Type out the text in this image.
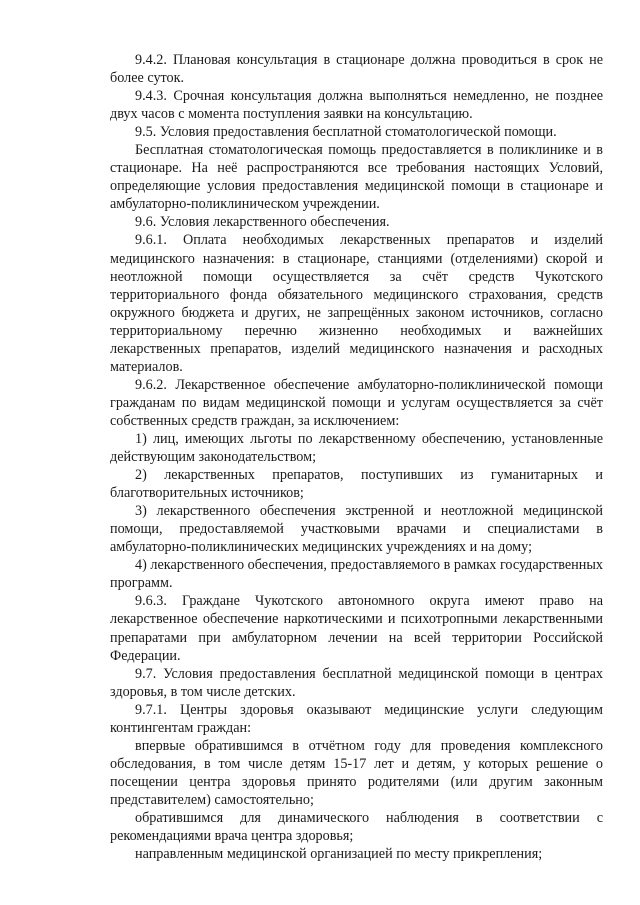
9.4.2. Плановая консультация в стационаре должна проводиться в срок не более суток.

9.4.3. Срочная консультация должна выполняться немедленно, не позднее двух часов с момента поступления заявки на консультацию.

9.5. Условия предоставления бесплатной стоматологической помощи.

Бесплатная стоматологическая помощь предоставляется в поликлинике и в стационаре. На неё распространяются все требования настоящих Условий, определяющие условия предоставления медицинской помощи в стационаре и амбулаторно-поликлиническом учреждении.

9.6. Условия лекарственного обеспечения.

9.6.1. Оплата необходимых лекарственных препаратов и изделий медицинского назначения: в стационаре, станциями (отделениями) скорой и неотложной помощи осуществляется за счёт средств Чукотского территориального фонда обязательного медицинского страхования, средств окружного бюджета и других, не запрещённых законом источников, согласно территориальному перечню жизненно необходимых и важнейших лекарственных препаратов, изделий медицинского назначения и расходных материалов.

9.6.2. Лекарственное обеспечение амбулаторно-поликлинической помощи гражданам по видам медицинской помощи и услугам осуществляется за счёт собственных средств граждан, за исключением:

1) лиц, имеющих льготы по лекарственному обеспечению, установленные действующим законодательством;

2) лекарственных препаратов, поступивших из гуманитарных и благотворительных источников;

3) лекарственного обеспечения экстренной и неотложной медицинской помощи, предоставляемой участковыми врачами и специалистами в амбулаторно-поликлинических медицинских учреждениях и на дому;

4) лекарственного обеспечения, предоставляемого в рамках государственных программ.

9.6.3. Граждане Чукотского автономного округа имеют право на лекарственное обеспечение наркотическими и психотропными лекарственными препаратами при амбулаторном лечении на всей территории Российской Федерации.

9.7. Условия предоставления бесплатной медицинской помощи в центрах здоровья, в том числе детских.

9.7.1. Центры здоровья оказывают медицинские услуги следующим контингентам граждан:

впервые обратившимся в отчётном году для проведения комплексного обследования, в том числе детям 15-17 лет и детям, у которых решение о посещении центра здоровья принято родителями (или другим законным представителем) самостоятельно;

обратившимся для динамического наблюдения в соответствии с рекомендациями врача центра здоровья;

направленным медицинской организацией по месту прикрепления;
